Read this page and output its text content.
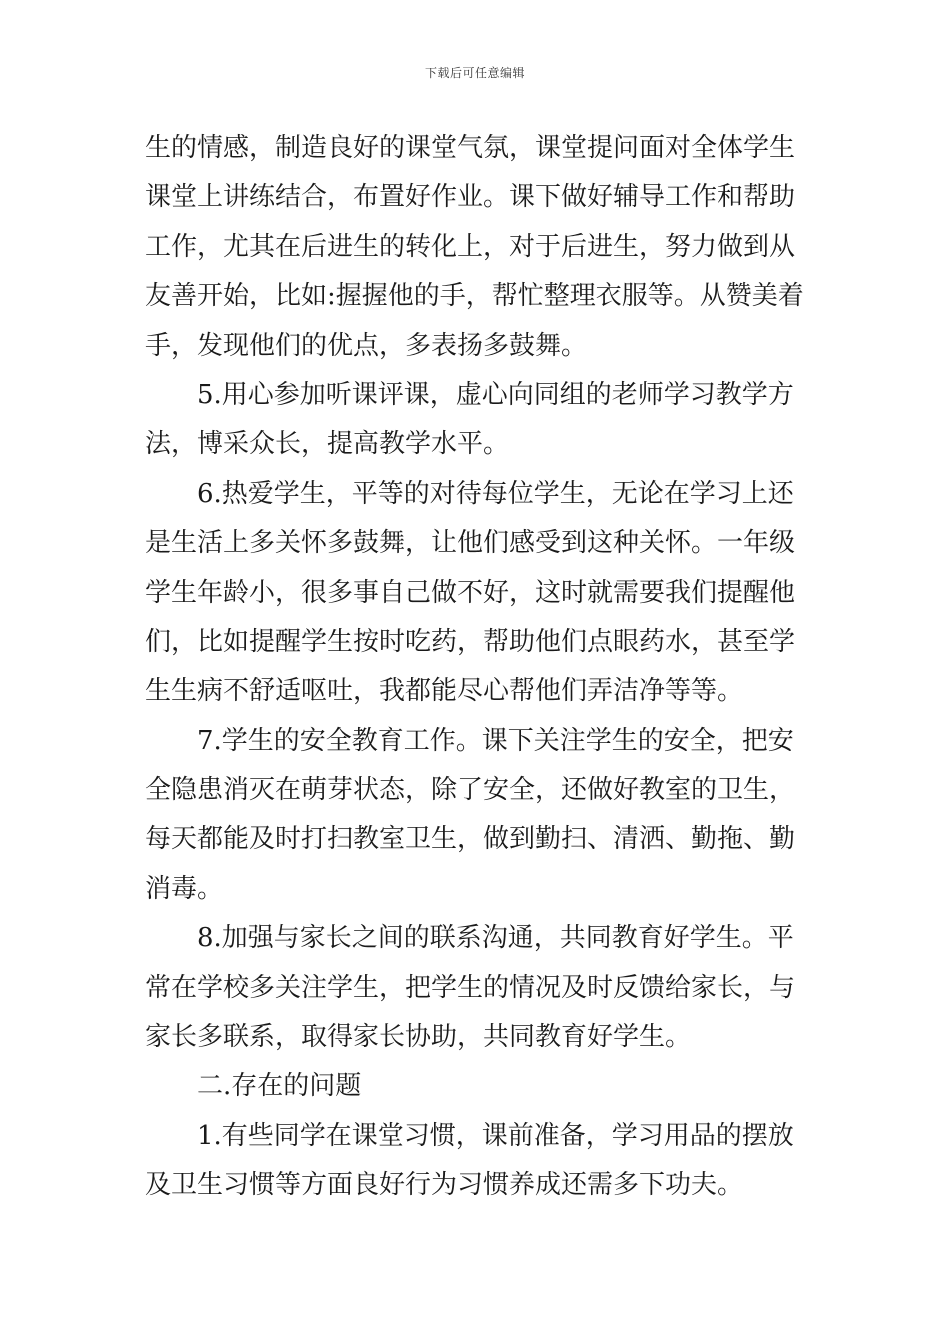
下载后可任意编辑
生的情感，制造良好的课堂气氛，课堂提问面对全体学生
课堂上讲练结合，布置好作业。课下做好辅导工作和帮助
工作，尤其在后进生的转化上，对于后进生，努力做到从
友善开始，比如:握握他的手，帮忙整理衣服等。从赞美着
手，发现他们的优点，多表扬多鼓舞。
5.用心参加听课评课，虚心向同组的老师学习教学方
法，博采众长，提高教学水平。
6.热爱学生，平等的对待每位学生，无论在学习上还
是生活上多关怀多鼓舞，让他们感受到这种关怀。一年级
学生年龄小，很多事自己做不好，这时就需要我们提醒他
们，比如提醒学生按时吃药，帮助他们点眼药水，甚至学
生生病不舒适呕吐，我都能尽心帮他们弄洁净等等。
7.学生的安全教育工作。课下关注学生的安全，把安
全隐患消灭在萌芽状态，除了安全，还做好教室的卫生，
每天都能及时打扫教室卫生，做到勤扫、清洒、勤拖、勤
消毒。
8.加强与家长之间的联系沟通，共同教育好学生。平
常在学校多关注学生，把学生的情况及时反馈给家长，与
家长多联系，取得家长协助，共同教育好学生。
二.存在的问题
1.有些同学在课堂习惯，课前准备，学习用品的摆放
及卫生习惯等方面良好行为习惯养成还需多下功夫。
